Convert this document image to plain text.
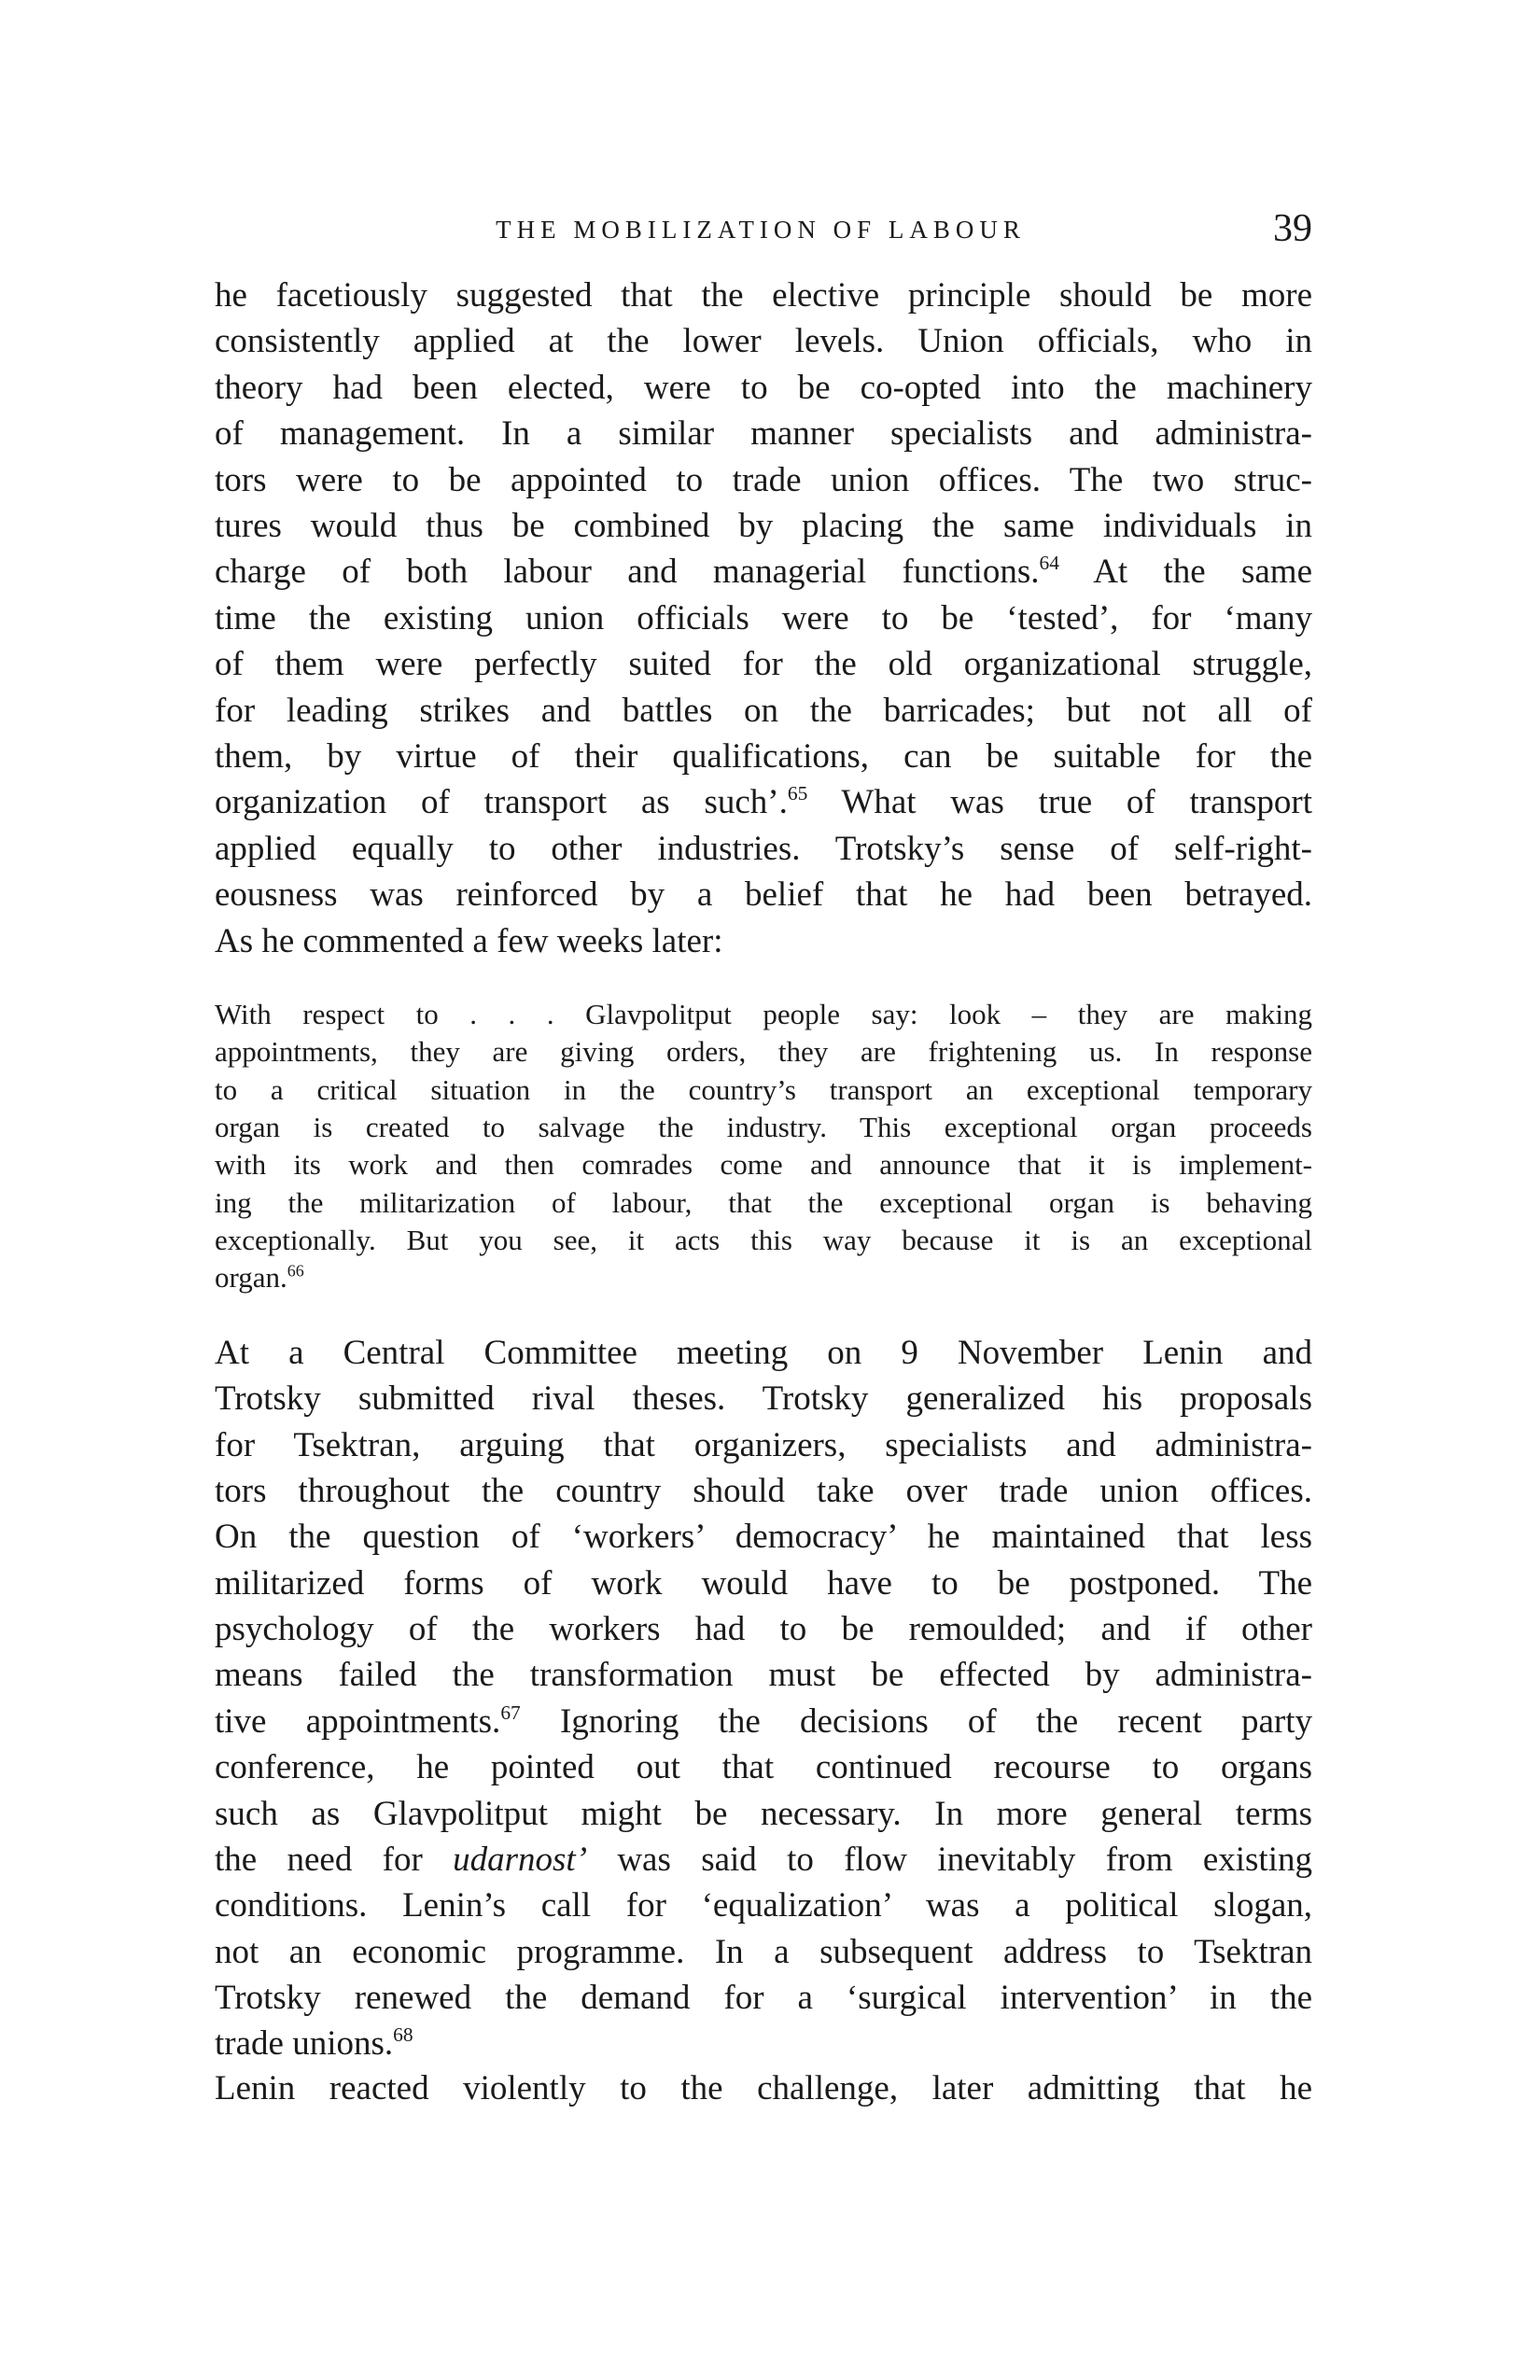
THE MOBILIZATION OF LABOUR	39
he facetiously suggested that the elective principle should be more
consistently applied at the lower levels. Union officials, who in
theory had been elected, were to be co-opted into the machinery
of management. In a similar manner specialists and administra-
tors were to be appointed to trade union offices. The two struc-
tures would thus be combined by placing the same individuals in
charge of both labour and managerial functions.$^{64}$ At the same
time the existing union officials were to be ‘tested’, for ‘many
of them were perfectly suited for the old organizational struggle,
for leading strikes and battles on the barricades; but not all of
them, by virtue of their qualifications, can be suitable for the
organization of transport as such’.$^{65}$ What was true of transport
applied equally to other industries. Trotsky’s sense of self-right-
eousness was reinforced by a belief that he had been betrayed.
As he commented a few weeks later:
With respect to . . . Glavpolitput people say: look – they are making
appointments, they are giving orders, they are frightening us. In response
to a critical situation in the country’s transport an exceptional temporary
organ is created to salvage the industry. This exceptional organ proceeds
with its work and then comrades come and announce that it is implement-
ing the militarization of labour, that the exceptional organ is behaving
exceptionally. But you see, it acts this way because it is an exceptional
organ.$^{66}$
At a Central Committee meeting on 9 November Lenin and
Trotsky submitted rival theses. Trotsky generalized his proposals
for Tsektran, arguing that organizers, specialists and administra-
tors throughout the country should take over trade union offices.
On the question of ‘workers’ democracy’ he maintained that less
militarized forms of work would have to be postponed. The
psychology of the workers had to be remoulded; and if other
means failed the transformation must be effected by administra-
tive appointments.$^{67}$ Ignoring the decisions of the recent party
conference, he pointed out that continued recourse to organs
such as Glavpolitput might be necessary. In more general terms
the need for udarnost’ was said to flow inevitably from existing
conditions. Lenin’s call for ‘equalization’ was a political slogan,
not an economic programme. In a subsequent address to Tsektran
Trotsky renewed the demand for a ‘surgical intervention’ in the
trade unions.$^{68}$
Lenin reacted violently to the challenge, later admitting that he
